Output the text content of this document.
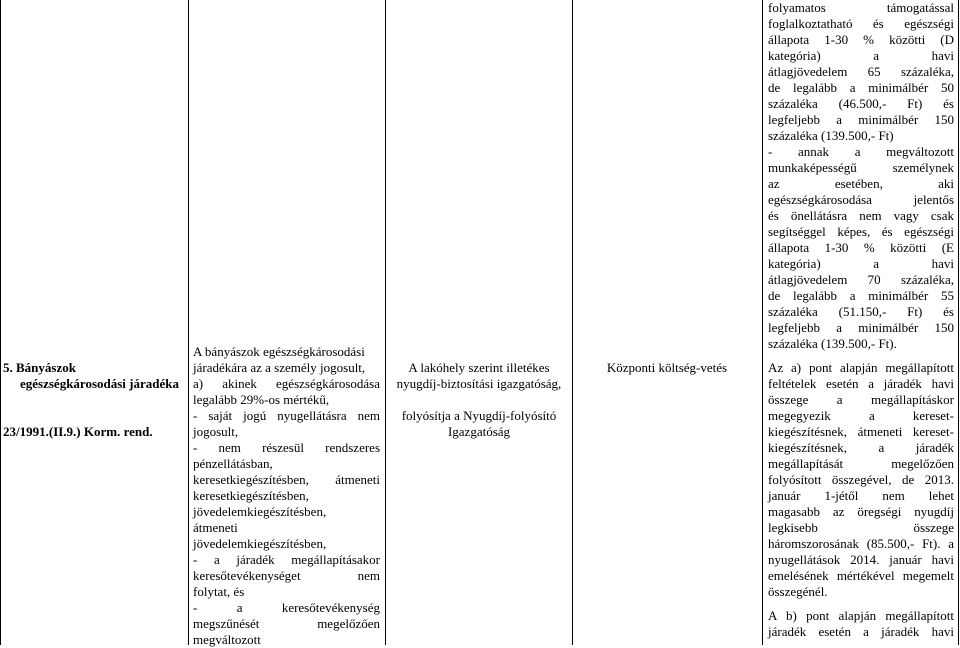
5. Bányászok
egészségkárosodási járadéka
23/1991.(II.9.) Korm. rend.
A bányászok egészségkárosodási
járadékára az a személy jogosult,
a) akinek egészségkárosodása
legalább 29%-os mértékű,
- saját jogú nyugellátásra nem
jogosult,
- nem részesül rendszeres
pénzellátásban,
keresetkiegészítésben, átmeneti
keresetkiegészítésben,
jövedelemkiegészítésben,
átmeneti
jövedelemkiegészítésben,
- a járadék megállapításakor
keresőtevékenységet nem
folytat, és
- a keresőtevékenység
megszűnését megelőzően
megváltozott
A lakóhely szerint illetékes
nyugdíj-biztosítási igazgatóság,
folyósítja a Nyugdíj-folyósító
Igazgatóság
Központi költség-vetés
folyamatos támogatással
foglalkoztatható és egészségi
állapota 1-30 % közötti (D
kategória) a havi
átlagjövedelem 65 százaléka,
de legalább a minimálbér 50
százaléka (46.500,- Ft) és
legfeljebb a minimálbér 150
százaléka (139.500,- Ft)
- annak a megváltozott
munkaképességű személynek
az esetében, aki
egészségkárosodása jelentős
és önellátásra nem vagy csak
segítséggel képes, és egészségi
állapota 1-30 % közötti (E
kategória) a havi
átlagjövedelem 70 százaléka,
de legalább a minimálbér 55
százaléka (51.150,- Ft) és
legfeljebb a minimálbér 150
százaléka (139.500,- Ft).
Az a) pont alapján megállapított
feltételek esetén a járadék havi
összege a megállapításkor
megegyezik a kereset-
kiegészítésnek, átmeneti kereset-
kiegészítésnek, a járadék
megállapítását megelőzően
folyósított összegével, de 2013.
január 1-jétől nem lehet
magasabb az öregségi nyugdíj
legkisebb összege
háromszorosának (85.500,- Ft). a
nyugellátások 2014. január havi
emelésének mértékével megemelt
összegénél.
A b) pont alapján megállapított
járadék esetén a járadék havi
